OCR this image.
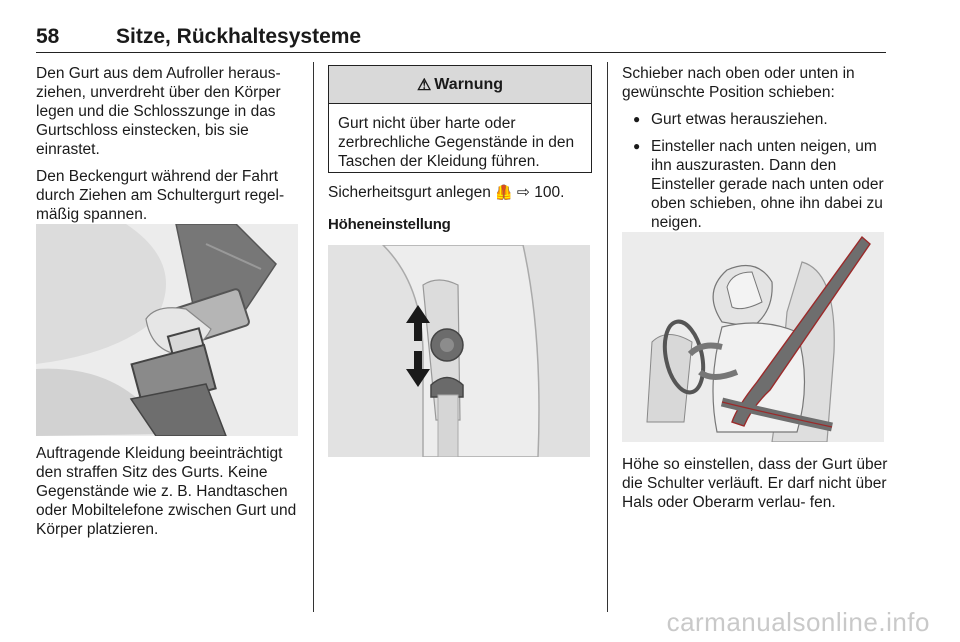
58	Sitze, Rückhaltesysteme

Den Gurt aus dem Aufroller heraus‐ ziehen, unverdreht über den Körper legen und die Schlosszunge in das Gurtschloss einstecken, bis sie einrastet.

Den Beckengurt während der Fahrt durch Ziehen am Schultergurt regel‐ mäßig spannen.

Auftragende Kleidung beeinträchtigt den straffen Sitz des Gurts. Keine Gegenstände wie z. B. Handtaschen oder Mobiltelefone zwischen Gurt und Körper platzieren.

⚠ Warnung
Gurt nicht über harte oder zerbrechliche Gegenstände in den Taschen der Kleidung führen.

Sicherheitsgurt anlegen 🦺 ⇨ 100.

Höheneinstellung

Schieber nach oben oder unten in gewünschte Position schieben:

● Gurt etwas herausziehen.
● Einsteller nach unten neigen, um ihn auszurasten. Dann den Einsteller gerade nach unten oder oben schieben, ohne ihn dabei zu neigen.

Höhe so einstellen, dass der Gurt über die Schulter verläuft. Er darf nicht über Hals oder Oberarm verlau‐ fen.

carmanualsonline.info
